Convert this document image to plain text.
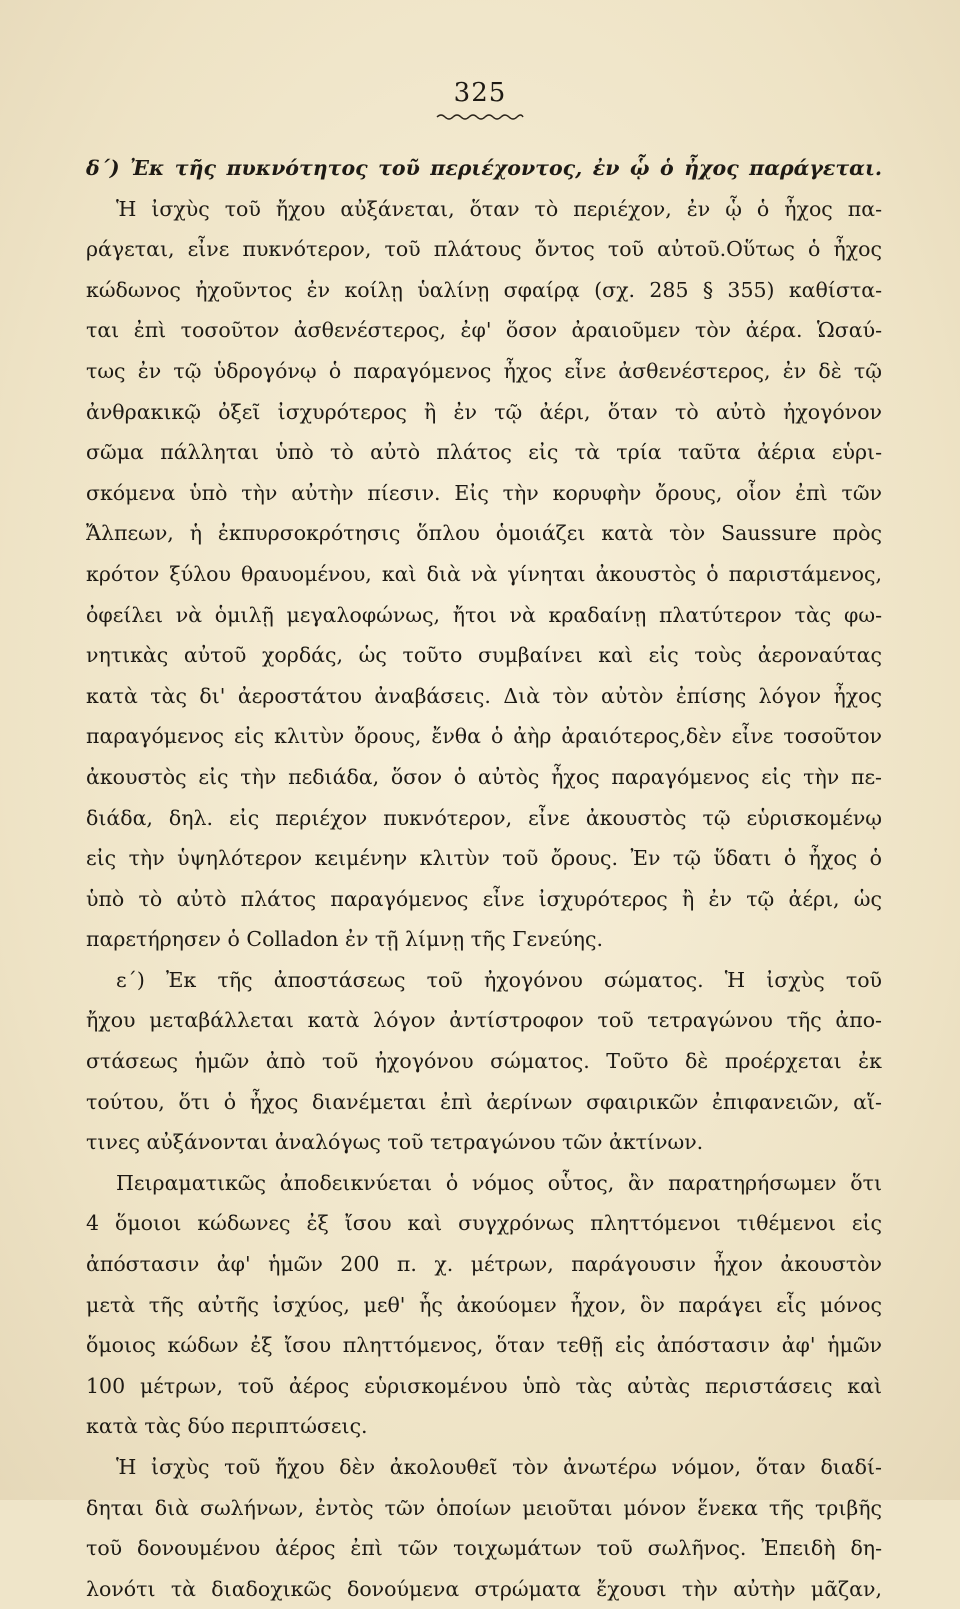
325
δ΄) Ἐκ τῆς πυκνότητος τοῦ περιέχοντος, ἐν ᾧ ὁ ἦχος παράγεται.
Ἡ ἰσχὺς τοῦ ἤχου αὐξάνεται, ὅταν τὸ περιέχον, ἐν ᾧ ὁ ἦχος πα-
ράγεται, εἶνε πυκνότερον, τοῦ πλάτους ὄντος τοῦ αὐτοῦ.Οὕτως ὁ ἦχος
κώδωνος ἠχοῦντος ἐν κοίλῃ ὑαλίνῃ σφαίρᾳ (σχ. 285 § 355) καθίστα-
ται ἐπὶ τοσοῦτον ἀσθενέστερος, ἐφ' ὅσον ἀραιοῦμεν τὸν ἀέρα. Ὡσαύ-
τως ἐν τῷ ὑδρογόνῳ ὁ παραγόμενος ἦχος εἶνε ἀσθενέστερος, ἐν δὲ τῷ
ἀνθρακικῷ ὀξεῖ ἰσχυρότερος ἢ ἐν τῷ ἀέρι, ὅταν τὸ αὐτὸ ἠχογόνον
σῶμα πάλληται ὑπὸ τὸ αὐτὸ πλάτος εἰς τὰ τρία ταῦτα ἀέρια εὑρι-
σκόμενα ὑπὸ τὴν αὐτὴν πίεσιν. Εἰς τὴν κορυφὴν ὄρους, οἷον ἐπὶ τῶν
Ἄλπεων, ἡ ἐκπυρσοκρότησις ὅπλου ὁμοιάζει κατὰ τὸν Saussure πρὸς
κρότον ξύλου θραυομένου, καὶ διὰ νὰ γίνηται ἀκουστὸς ὁ παριστάμενος,
ὀφείλει νὰ ὁμιλῇ μεγαλοφώνως, ἤτοι νὰ κραδαίνῃ πλατύτερον τὰς φω-
νητικὰς αὐτοῦ χορδάς, ὡς τοῦτο συμβαίνει καὶ εἰς τοὺς ἀεροναύτας
κατὰ τὰς δι' ἀεροστάτου ἀναβάσεις. Διὰ τὸν αὐτὸν ἐπίσης λόγον ἦχος
παραγόμενος εἰς κλιτὺν ὄρους, ἔνθα ὁ ἀὴρ ἀραιότερος,δὲν εἶνε τοσοῦτον
ἀκουστὸς εἰς τὴν πεδιάδα, ὅσον ὁ αὐτὸς ἦχος παραγόμενος εἰς τὴν πε-
διάδα, δηλ. εἰς περιέχον πυκνότερον, εἶνε ἀκουστὸς τῷ εὑρισκομένῳ
εἰς τὴν ὑψηλότερον κειμένην κλιτὺν τοῦ ὄρους. Ἐν τῷ ὕδατι ὁ ἦχος ὁ
ὑπὸ τὸ αὐτὸ πλάτος παραγόμενος εἶνε ἰσχυρότερος ἢ ἐν τῷ ἀέρι, ὡς
παρετήρησεν ὁ Colladon ἐν τῇ λίμνῃ τῆς Γενεύης.
ε΄) Ἐκ τῆς ἀποστάσεως τοῦ ἠχογόνου σώματος. Ἡ ἰσχὺς τοῦ
ἤχου μεταβάλλεται κατὰ λόγον ἀντίστροφον τοῦ τετραγώνου τῆς ἀπο-
στάσεως ἡμῶν ἀπὸ τοῦ ἠχογόνου σώματος. Τοῦτο δὲ προέρχεται ἐκ
τούτου, ὅτι ὁ ἦχος διανέμεται ἐπὶ ἀερίνων σφαιρικῶν ἐπιφανειῶν, αἵ-
τινες αὐξάνονται ἀναλόγως τοῦ τετραγώνου τῶν ἀκτίνων.
Πειραματικῶς ἀποδεικνύεται ὁ νόμος οὗτος, ἂν παρατηρήσωμεν ὅτι
4 ὅμοιοι κώδωνες ἐξ ἴσου καὶ συγχρόνως πληττόμενοι τιθέμενοι εἰς
ἀπόστασιν ἀφ' ἡμῶν 200 π. χ. μέτρων, παράγουσιν ἦχον ἀκουστὸν
μετὰ τῆς αὐτῆς ἰσχύος, μεθ' ἧς ἀκούομεν ἦχον, ὃν παράγει εἷς μόνος
ὅμοιος κώδων ἐξ ἴσου πληττόμενος, ὅταν τεθῇ εἰς ἀπόστασιν ἀφ' ἡμῶν
100 μέτρων, τοῦ ἀέρος εὑρισκομένου ὑπὸ τὰς αὐτὰς περιστάσεις καὶ
κατὰ τὰς δύο περιπτώσεις.
Ἡ ἰσχὺς τοῦ ἤχου δὲν ἀκολουθεῖ τὸν ἀνωτέρω νόμον, ὅταν διαδί-
δηται διὰ σωλήνων, ἐντὸς τῶν ὁποίων μειοῦται μόνον ἕνεκα τῆς τριβῆς
τοῦ δονουμένου ἀέρος ἐπὶ τῶν τοιχωμάτων τοῦ σωλῆνος. Ἐπειδὴ δη-
λονότι τὰ διαδοχικῶς δονούμενα στρώματα ἔχουσι τὴν αὐτὴν μᾶζαν,
